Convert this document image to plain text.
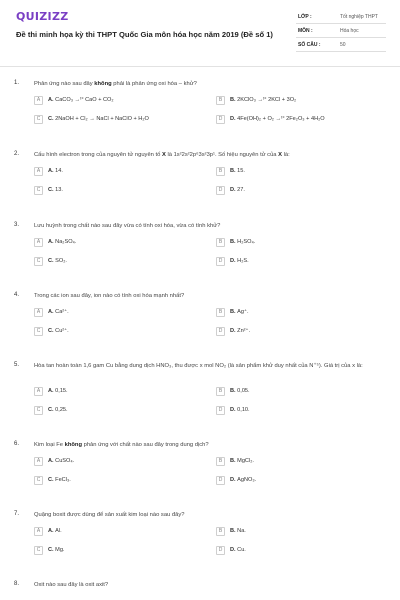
QUIZIZZ
Đề thi minh họa kỳ thi THPT Quốc Gia môn hóa học năm 2019 (Đề số 1)
LỚP :	Tốt nghiệp THPT
MÔN :	Hóa học
SỐ CÂU :	50
1.	Phản ứng nào sau đây không phải là phản ứng oxi hóa – khử?
A	A. CaCO₃ →ᵗ° CaO + CO₂	B	B. 2KClO₃ →ᵗ° 2KCl + 3O₂
C	C. 2NaOH + Cl₂ → NaCl + NaClO + H₂O	D	D. 4Fe(OH)₂ + O₂ →ᵗ° 2Fe₂O₃ + 4H₂O
2.	Cấu hình electron trong của nguyên tử nguyên tố X là 1s²2s²2p⁶3s²3p¹. Số hiệu nguyên tử của X là:
A	A. 14.	B	B. 15.
C	C. 13.	D	D. 27.
3.	Lưu huỳnh trong chất nào sau đây vừa có tính oxi hóa, vừa có tính khử?
A	A. Na₂SO₄.	B	B. H₂SO₄.
C	C. SO₂.	D	D. H₂S.
4.	Trong các ion sau đây, ion nào có tính oxi hóa mạnh nhất?
A	A. Ca²⁺.	B	B. Ag⁺.
C	C. Cu²⁺.	D	D. Zn²⁺.
5.	Hòa tan hoàn toàn 1,6 gam Cu bằng dung dịch HNO₃, thu được x mol NO₂ (là sản phẩm khử duy nhất của N⁺⁵). Giá trị của x là:
A	A. 0,15.	B	B. 0,05.
C	C. 0,25.	D	D. 0,10.
6.	Kim loại Fe không phản ứng với chất nào sau đây trong dung dịch?
A	A. CuSO₄.	B	B. MgCl₂.
C	C. FeCl₃.	D	D. AgNO₃.
7.	Quặng boxit được dùng để sản xuất kim loại nào sau đây?
A	A. Al.	B	B. Na.
C	C. Mg.	D	D. Cu.
8.	Oxit nào sau đây là oxit axit?
